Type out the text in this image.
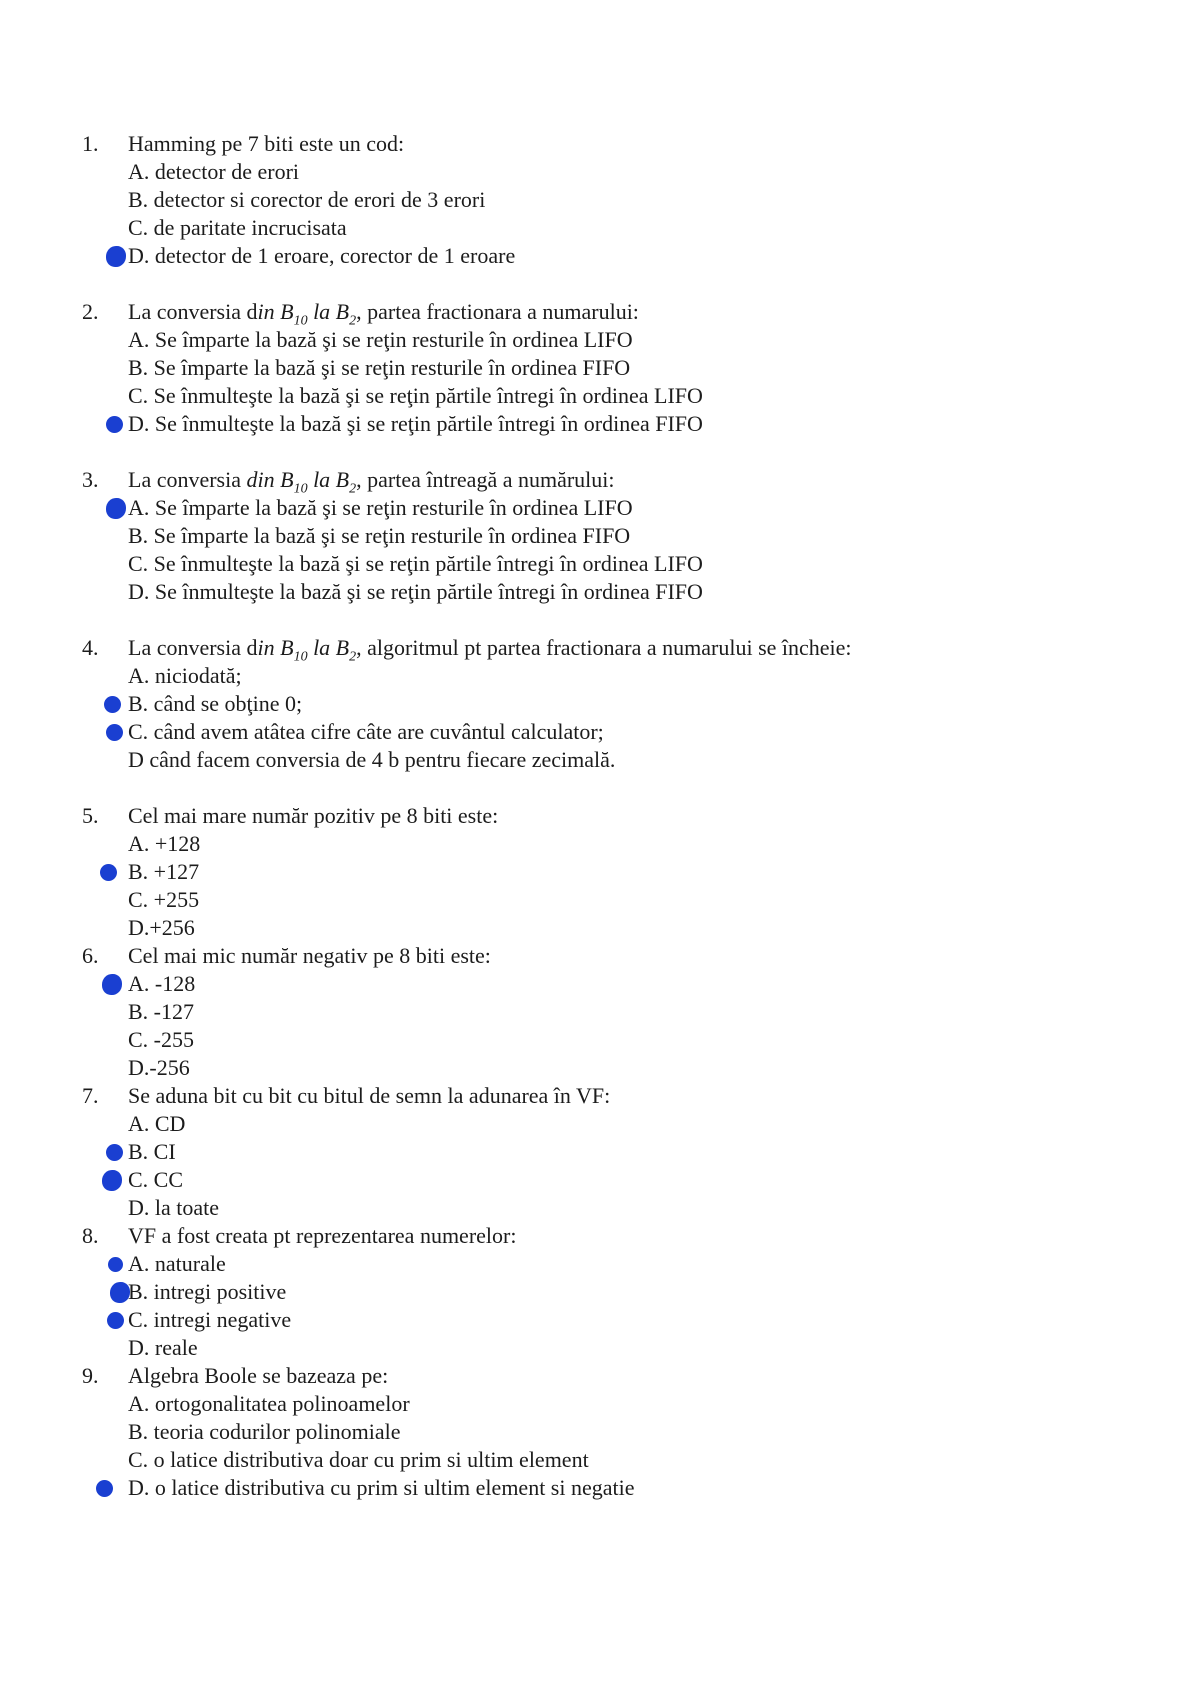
1. Hamming pe 7 biti este un cod:
A. detector de erori
B. detector si corector de erori de 3 erori
C. de paritate incrucisata
D. detector de 1 eroare, corector de 1 eroare
2. La conversia din $B_{10}$ la $B_2$, partea fractionara a numarului:
A. Se împarte la bază şi se reţin resturile în ordinea LIFO
B. Se împarte la bază şi se reţin resturile în ordinea FIFO
C. Se înmulteşte la bază şi se reţin părtile întregi în ordinea LIFO
D. Se înmulteşte la bază şi se reţin părtile întregi în ordinea FIFO
3. La conversia din $B_{10}$ la $B_2$, partea întreagă a numărului:
A. Se împarte la bază şi se reţin resturile în ordinea LIFO
B. Se împarte la bază şi se reţin resturile în ordinea FIFO
C. Se înmulteşte la bază şi se reţin părtile întregi în ordinea LIFO
D. Se înmulteşte la bază şi se reţin părtile întregi în ordinea FIFO
4. La conversia din $B_{10}$ la $B_2$, algoritmul pt partea fractionara a numarului se încheie:
A. niciodată;
B. când se obţine 0;
C. când avem atâtea cifre câte are cuvântul calculator;
D când facem conversia de 4 b pentru fiecare zecimală.
5. Cel mai mare număr pozitiv pe 8 biti este:
A. +128
B. +127
C. +255
D.+256
6. Cel mai mic număr negativ pe 8 biti este:
A. -128
B. -127
C. -255
D.-256
7. Se aduna bit cu bit cu bitul de semn la adunarea în VF:
A. CD
B. CI
C. CC
D. la toate
8. VF a fost creata pt reprezentarea numerelor:
A. naturale
B. intregi positive
C. intregi negative
D. reale
9. Algebra Boole se bazeaza pe:
A. ortogonalitatea polinoamelor
B. teoria codurilor polinomiale
C. o latice distributiva doar cu prim si ultim element
D. o latice distributiva cu prim si ultim element si negatie
